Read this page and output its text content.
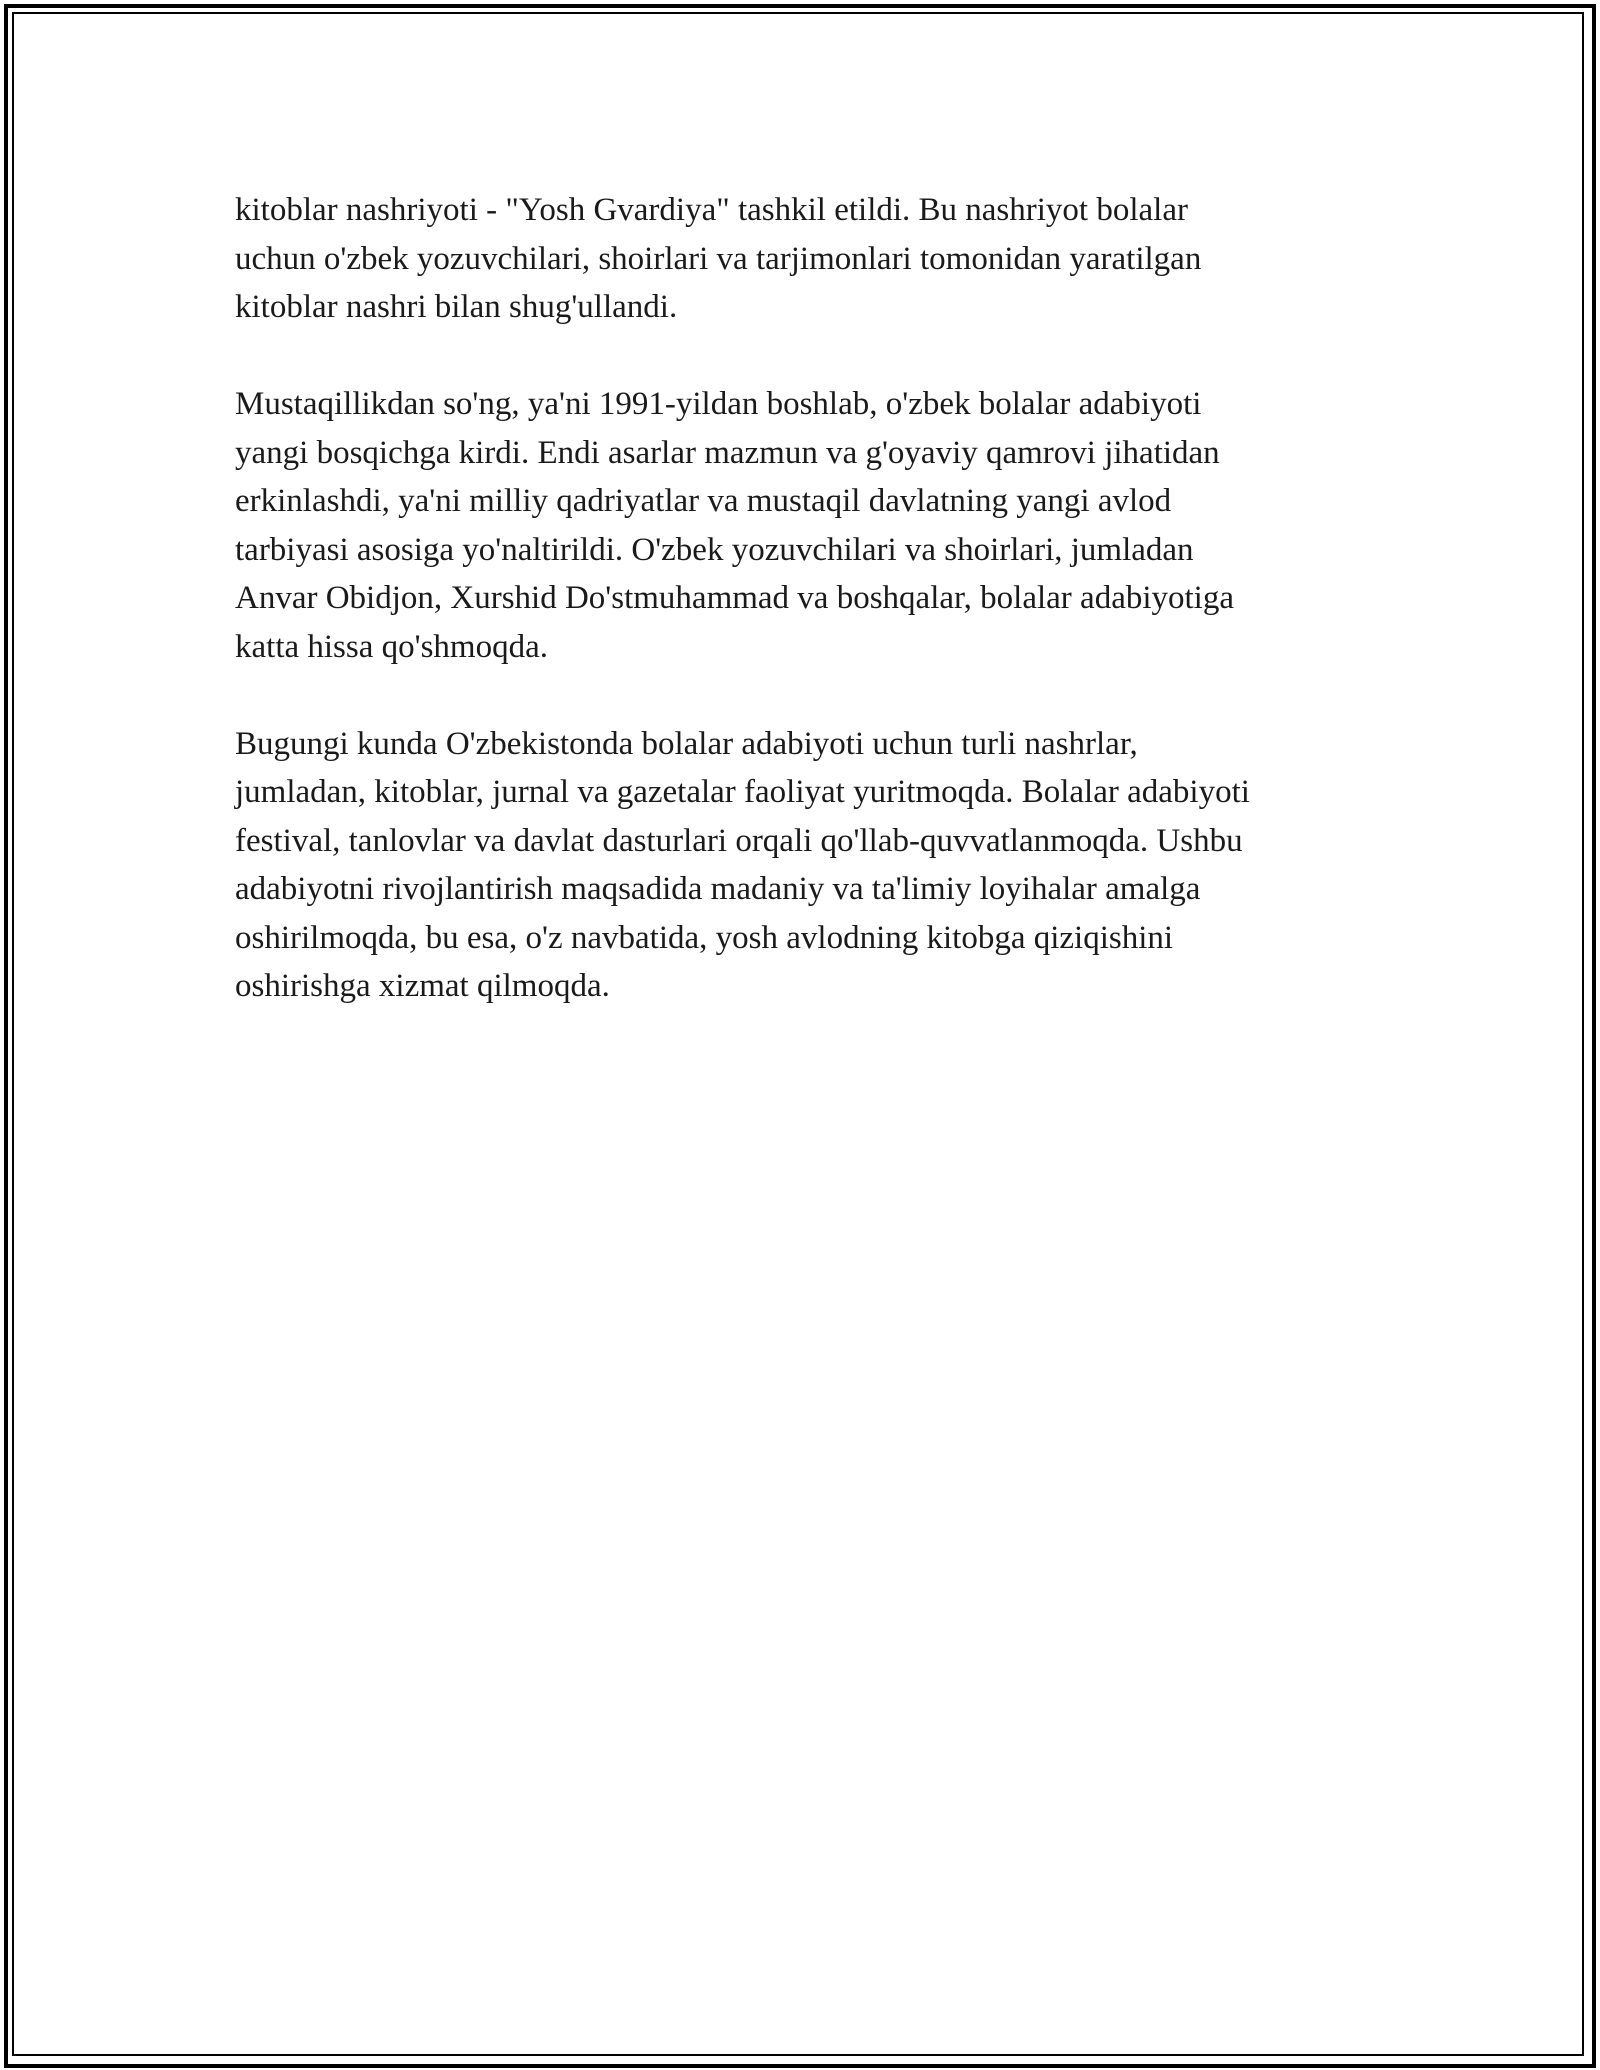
kitoblar nashriyoti - "Yosh Gvardiya" tashkil etildi. Bu nashriyot bolalar
uchun o'zbek yozuvchilari, shoirlari va tarjimonlari tomonidan yaratilgan
kitoblar nashri bilan shug'ullandi.

Mustaqillikdan so'ng, ya'ni 1991-yildan boshlab, o'zbek bolalar adabiyoti
yangi bosqichga kirdi. Endi asarlar mazmun va g'oyaviy qamrovi jihatidan
erkinlashdi, ya'ni milliy qadriyatlar va mustaqil davlatning yangi avlod
tarbiyasi asosiga yo'naltirildi. O'zbek yozuvchilari va shoirlari, jumladan
Anvar Obidjon, Xurshid Do'stmuhammad va boshqalar, bolalar adabiyotiga
katta hissa qo'shmoqda.

Bugungi kunda O'zbekistonda bolalar adabiyoti uchun turli nashrlar,
jumladan, kitoblar, jurnal va gazetalar faoliyat yuritmoqda. Bolalar adabiyoti
festival, tanlovlar va davlat dasturlari orqali qo'llab-quvvatlanmoqda. Ushbu
adabiyotni rivojlantirish maqsadida madaniy va ta'limiy loyihalar amalga
oshirilmoqda, bu esa, o'z navbatida, yosh avlodning kitobga qiziqishini
oshirishga xizmat qilmoqda.
